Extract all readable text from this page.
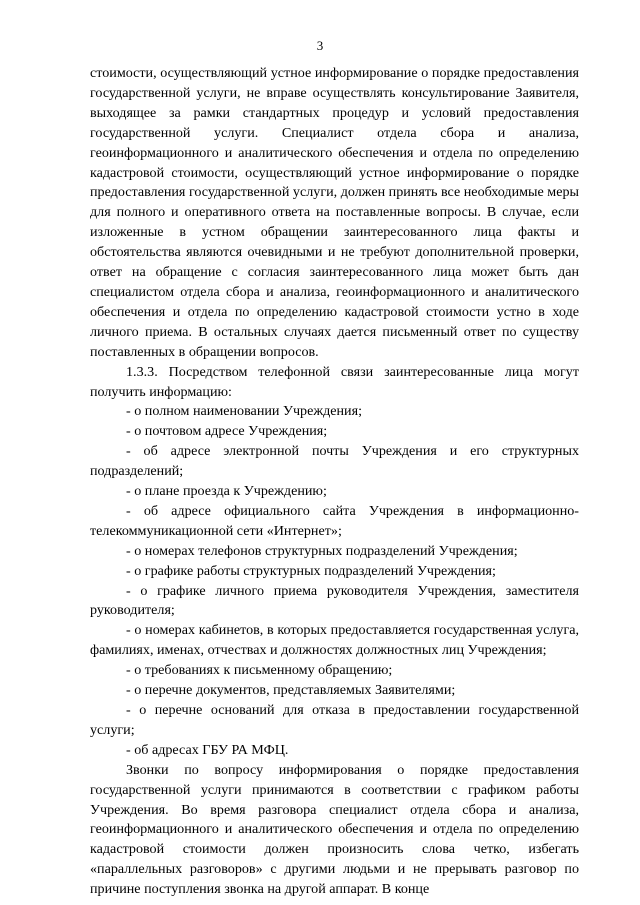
3

стоимости, осуществляющий устное информирование о порядке предоставления государственной услуги, не вправе осуществлять консультирование Заявителя, выходящее за рамки стандартных процедур и условий предоставления государственной услуги. Специалист отдела сбора и анализа, геоинформационного и аналитического обеспечения и отдела по определению кадастровой стоимости, осуществляющий устное информирование о порядке предоставления государственной услуги, должен принять все необходимые меры для полного и оперативного ответа на поставленные вопросы. В случае, если изложенные в устном обращении заинтересованного лица факты и обстоятельства являются очевидными и не требуют дополнительной проверки, ответ на обращение с согласия заинтересованного лица может быть дан специалистом отдела сбора и анализа, геоинформационного и аналитического обеспечения и отдела по определению кадастровой стоимости устно в ходе личного приема. В остальных случаях дается письменный ответ по существу поставленных в обращении вопросов.

1.3.3. Посредством телефонной связи заинтересованные лица могут получить информацию:

- о полном наименовании Учреждения;

- о почтовом адресе Учреждения;

- об адресе электронной почты Учреждения и его структурных подразделений;

- о плане проезда к Учреждению;

- об адресе официального сайта Учреждения в информационно-телекоммуникационной сети «Интернет»;

- о номерах телефонов структурных подразделений Учреждения;

- о графике работы структурных подразделений Учреждения;

- о графике личного приема руководителя Учреждения, заместителя руководителя;

- о номерах кабинетов, в которых предоставляется государственная услуга, фамилиях, именах, отчествах и должностях должностных лиц Учреждения;

- о требованиях к письменному обращению;

- о перечне документов, представляемых Заявителями;

- о перечне оснований для отказа в предоставлении государственной услуги;

- об адресах ГБУ РА МФЦ.

Звонки по вопросу информирования о порядке предоставления государственной услуги принимаются в соответствии с графиком работы Учреждения. Во время разговора специалист отдела сбора и анализа, геоинформационного и аналитического обеспечения и отдела по определению кадастровой стоимости должен произносить слова четко, избегать «параллельных разговоров» с другими людьми и не прерывать разговор по причине поступления звонка на другой аппарат. В конце
